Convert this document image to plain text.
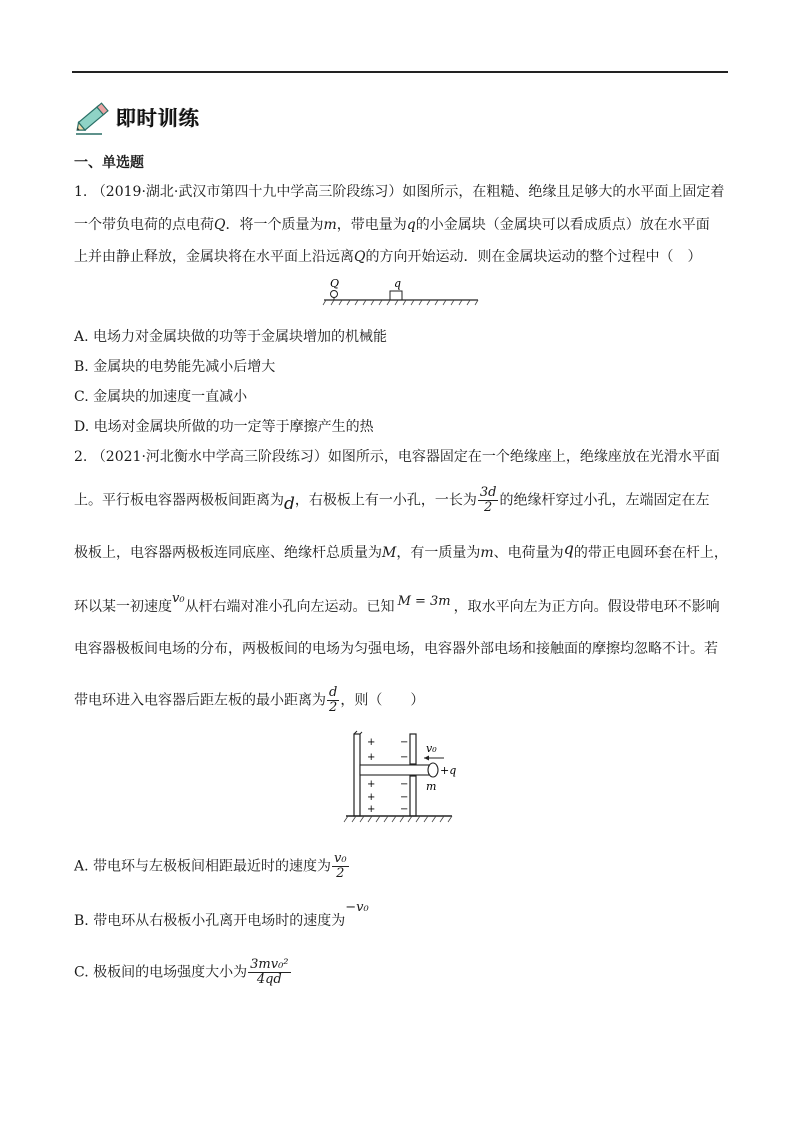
即时训练
一、单选题
1. （2019·湖北·武汉市第四十九中学高三阶段练习）如图所示，在粗糙、绝缘且足够大的水平面上固定着
一个带负电荷的点电荷Q．将一个质量为m，带电量为q的小金属块（金属块可以看成质点）放在水平面
上并由静止释放，金属块将在水平面上沿远离Q的方向开始运动．则在金属块运动的整个过程中（　）
Q	q
A. 电场力对金属块做的功等于金属块增加的机械能
B. 金属块的电势能先减小后增大
C. 金属块的加速度一直减小
D. 电场对金属块所做的功一定等于摩擦产生的热
2. （2021·河北衡水中学高三阶段练习）如图所示，电容器固定在一个绝缘座上，绝缘座放在光滑水平面
上。平行板电容器两极板间距离为d，右极板上有一小孔，一长为 $\frac{3d}{2}$ 的绝缘杆穿过小孔，左端固定在左
极板上，电容器两极板连同底座、绝缘杆总质量为M，有一质量为m、电荷量为q的带正电圆环套在杆上，
环以某一初速度v₀从杆右端对准小孔向左运动。已知 M = 3m ，取水平向左为正方向。假设带电环不影响
电容器极板间电场的分布，两极板间的电场为匀强电场，电容器外部电场和接触面的摩擦均忽略不计。若
带电环进入电容器后距左板的最小距离为 $\frac{d}{2}$ ，则（　　）
v₀
+q
m
+
+
+
+
+
−
−
−
−
−
A. 带电环与左极板间相距最近时的速度为 $\frac{\text{v₀}}{2}$
B. 带电环从右极板小孔离开电场时的速度为−v₀
C. 极板间的电场强度大小为 $\frac{\text{3mv₀²}}{4qd}$
